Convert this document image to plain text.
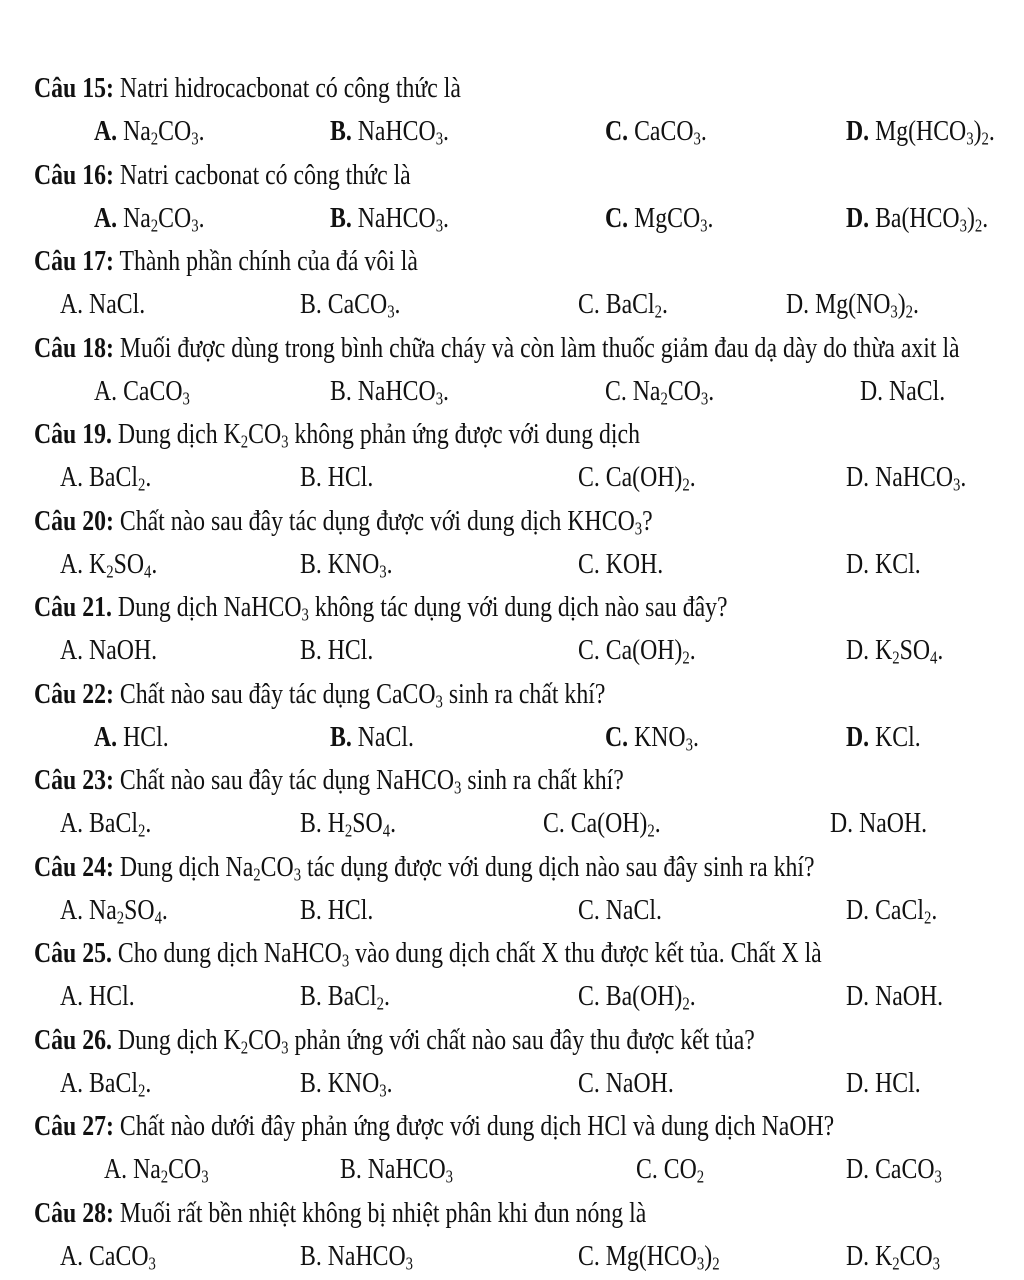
Câu 15: Natri hidrocacbonat có công thức là
A. $Na_2CO_3$.	B. NaHCO$_3$.	C. CaCO$_3$.	D. $Mg(HCO_3)_2$.
Câu 16: Natri cacbonat có công thức là
A. $Na_2CO_3$.	B. NaHCO$_3$.	C. MgCO$_3$.	D. $Ba(HCO_3)_2$.
Câu 17: Thành phần chính của đá vôi là
A. NaCl.	B. CaCO$_3$.	C. BaCl$_2$.	D. $Mg(NO_3)_2$.
Câu 18: Muối được dùng trong bình chữa cháy và còn làm thuốc giảm đau dạ dày do thừa axit là
A. CaCO$_3$	B. NaHCO$_3$.	C. $Na_2CO_3$.	D. NaCl.
Câu 19. Dung dịch $K_2CO_3$ không phản ứng được với dung dịch
A. BaCl$_2$.	B. HCl.	C. $Ca(OH)_2$.	D. NaHCO$_3$.
Câu 20: Chất nào sau đây tác dụng được với dung dịch $KHCO_3$?
A. $K_2SO_4$.	B. $KNO_3$.	C. KOH.	D. KCl.
Câu 21. Dung dịch NaHCO$_3$ không tác dụng với dung dịch nào sau đây?
A. NaOH.	B. HCl.	C. $Ca(OH)_2$.	D. $K_2SO_4$.
Câu 22: Chất nào sau đây tác dụng CaCO$_3$ sinh ra chất khí?
A. HCl.	B. NaCl.	C. $KNO_3$.	D. KCl.
Câu 23: Chất nào sau đây tác dụng NaHCO$_3$ sinh ra chất khí?
A. BaCl$_2$.	B. $H_2SO_4$.	C. $Ca(OH)_2$.	D. NaOH.
Câu 24: Dung dịch $Na_2CO_3$ tác dụng được với dung dịch nào sau đây sinh ra khí?
A. $Na_2SO_4$.	B. HCl.	C. NaCl.	D. CaCl$_2$.
Câu 25. Cho dung dịch NaHCO$_3$ vào dung dịch chất X thu được kết tủa. Chất X là
A. HCl.	B. BaCl$_2$.	C. $Ba(OH)_2$.	D. NaOH.
Câu 26. Dung dịch $K_2CO_3$ phản ứng với chất nào sau đây thu được kết tủa?
A. BaCl$_2$.	B. $KNO_3$.	C. NaOH.	D. HCl.
Câu 27: Chất nào dưới đây phản ứng được với dung dịch HCl và dung dịch NaOH?
A. $Na_2CO_3$	B. NaHCO$_3$	C. $CO_2$	D. CaCO$_3$
Câu 28: Muối rất bền nhiệt không bị nhiệt phân khi đun nóng là
A. CaCO$_3$	B. NaHCO$_3$	C. $Mg(HCO_3)_2$	D. $K_2CO_3$
